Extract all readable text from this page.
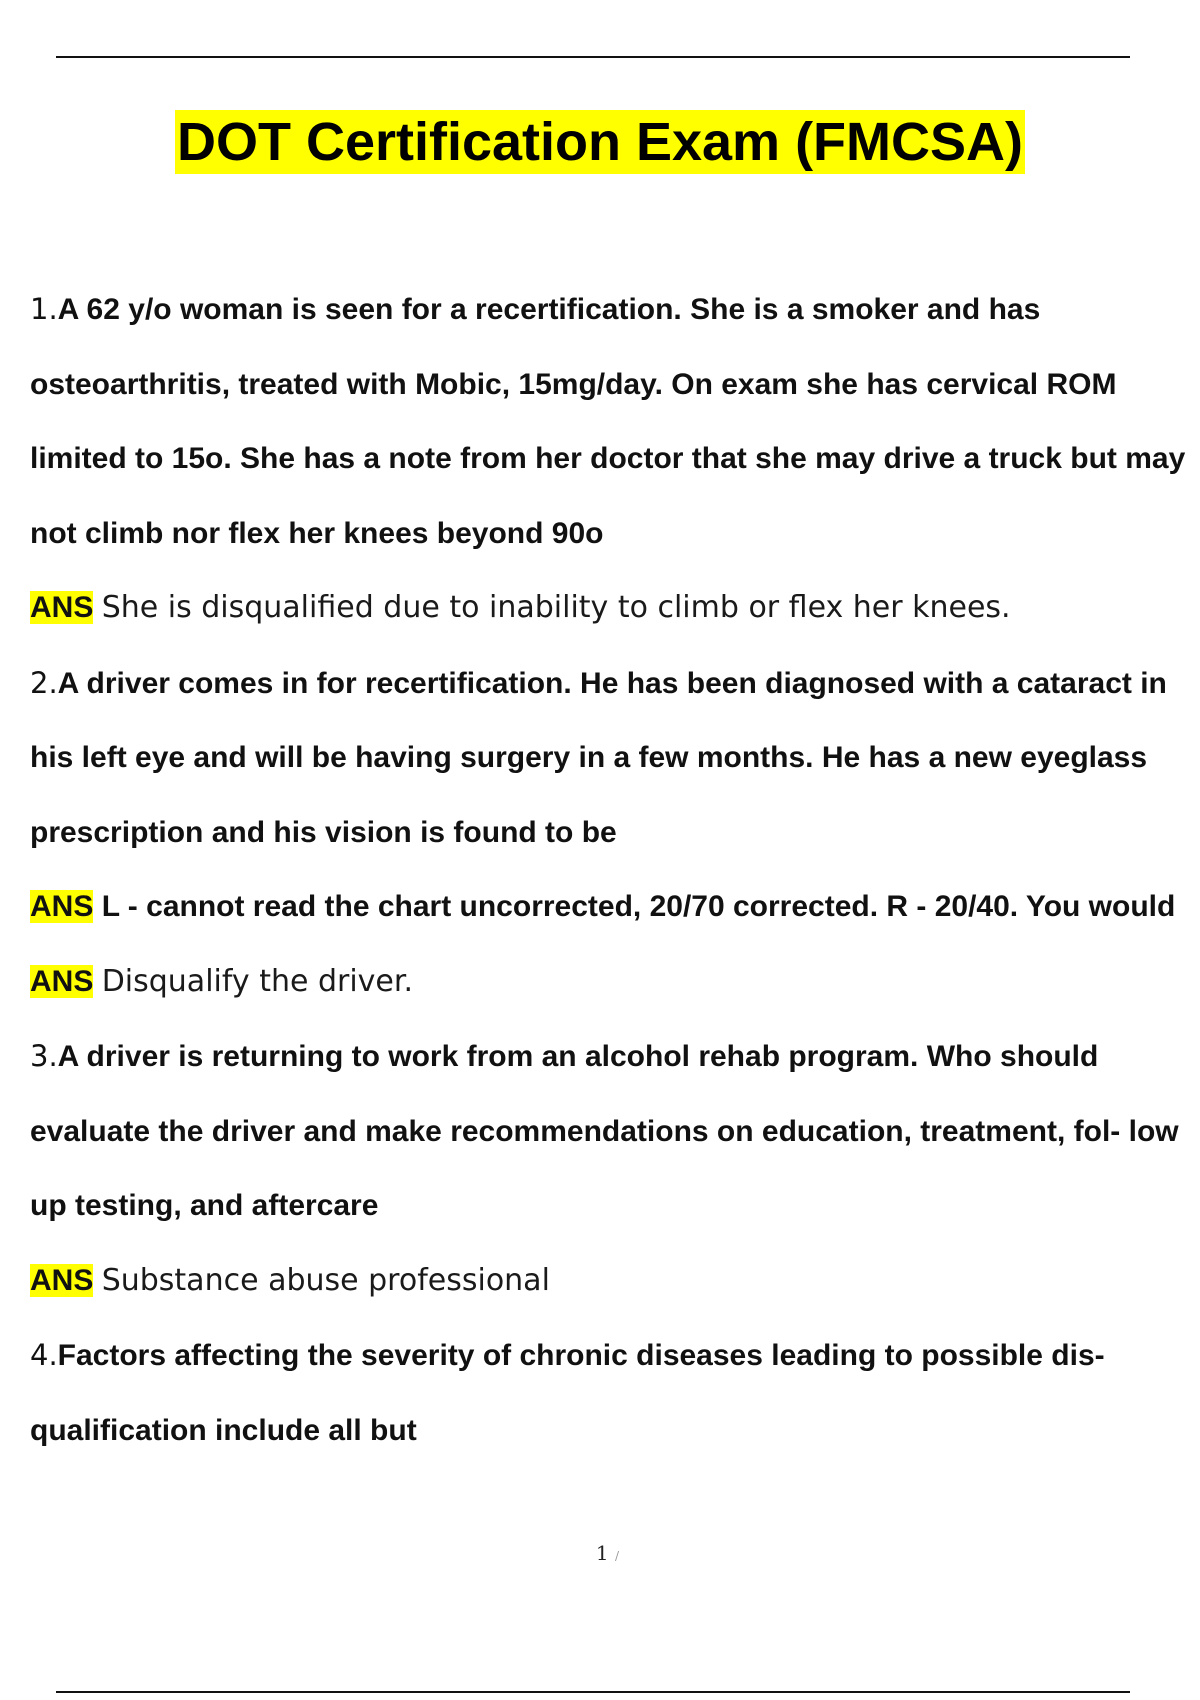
DOT Certification Exam (FMCSA)

1.A 62 y/o woman is seen for a recertification. She is a smoker and has osteoarthritis, treated with Mobic, 15mg/day. On exam she has cervical ROM limited to 15o. She has a note from her doctor that she may drive a truck but may not climb nor flex her knees beyond 90o

ANS She is disqualified due to inability to climb or flex her knees.

2.A driver comes in for recertification. He has been diagnosed with a cataract in his left eye and will be having surgery in a few months. He has a new eyeglass prescription and his vision is found to be

ANS L - cannot read the chart uncorrected, 20/70 corrected. R - 20/40. You would

ANS Disqualify the driver.

3.A driver is returning to work from an alcohol rehab program. Who should evaluate the driver and make recommendations on education, treatment, fol- low up testing, and aftercare

ANS Substance abuse professional

4.Factors affecting the severity of chronic diseases leading to possible dis- qualification include all but

1 /
